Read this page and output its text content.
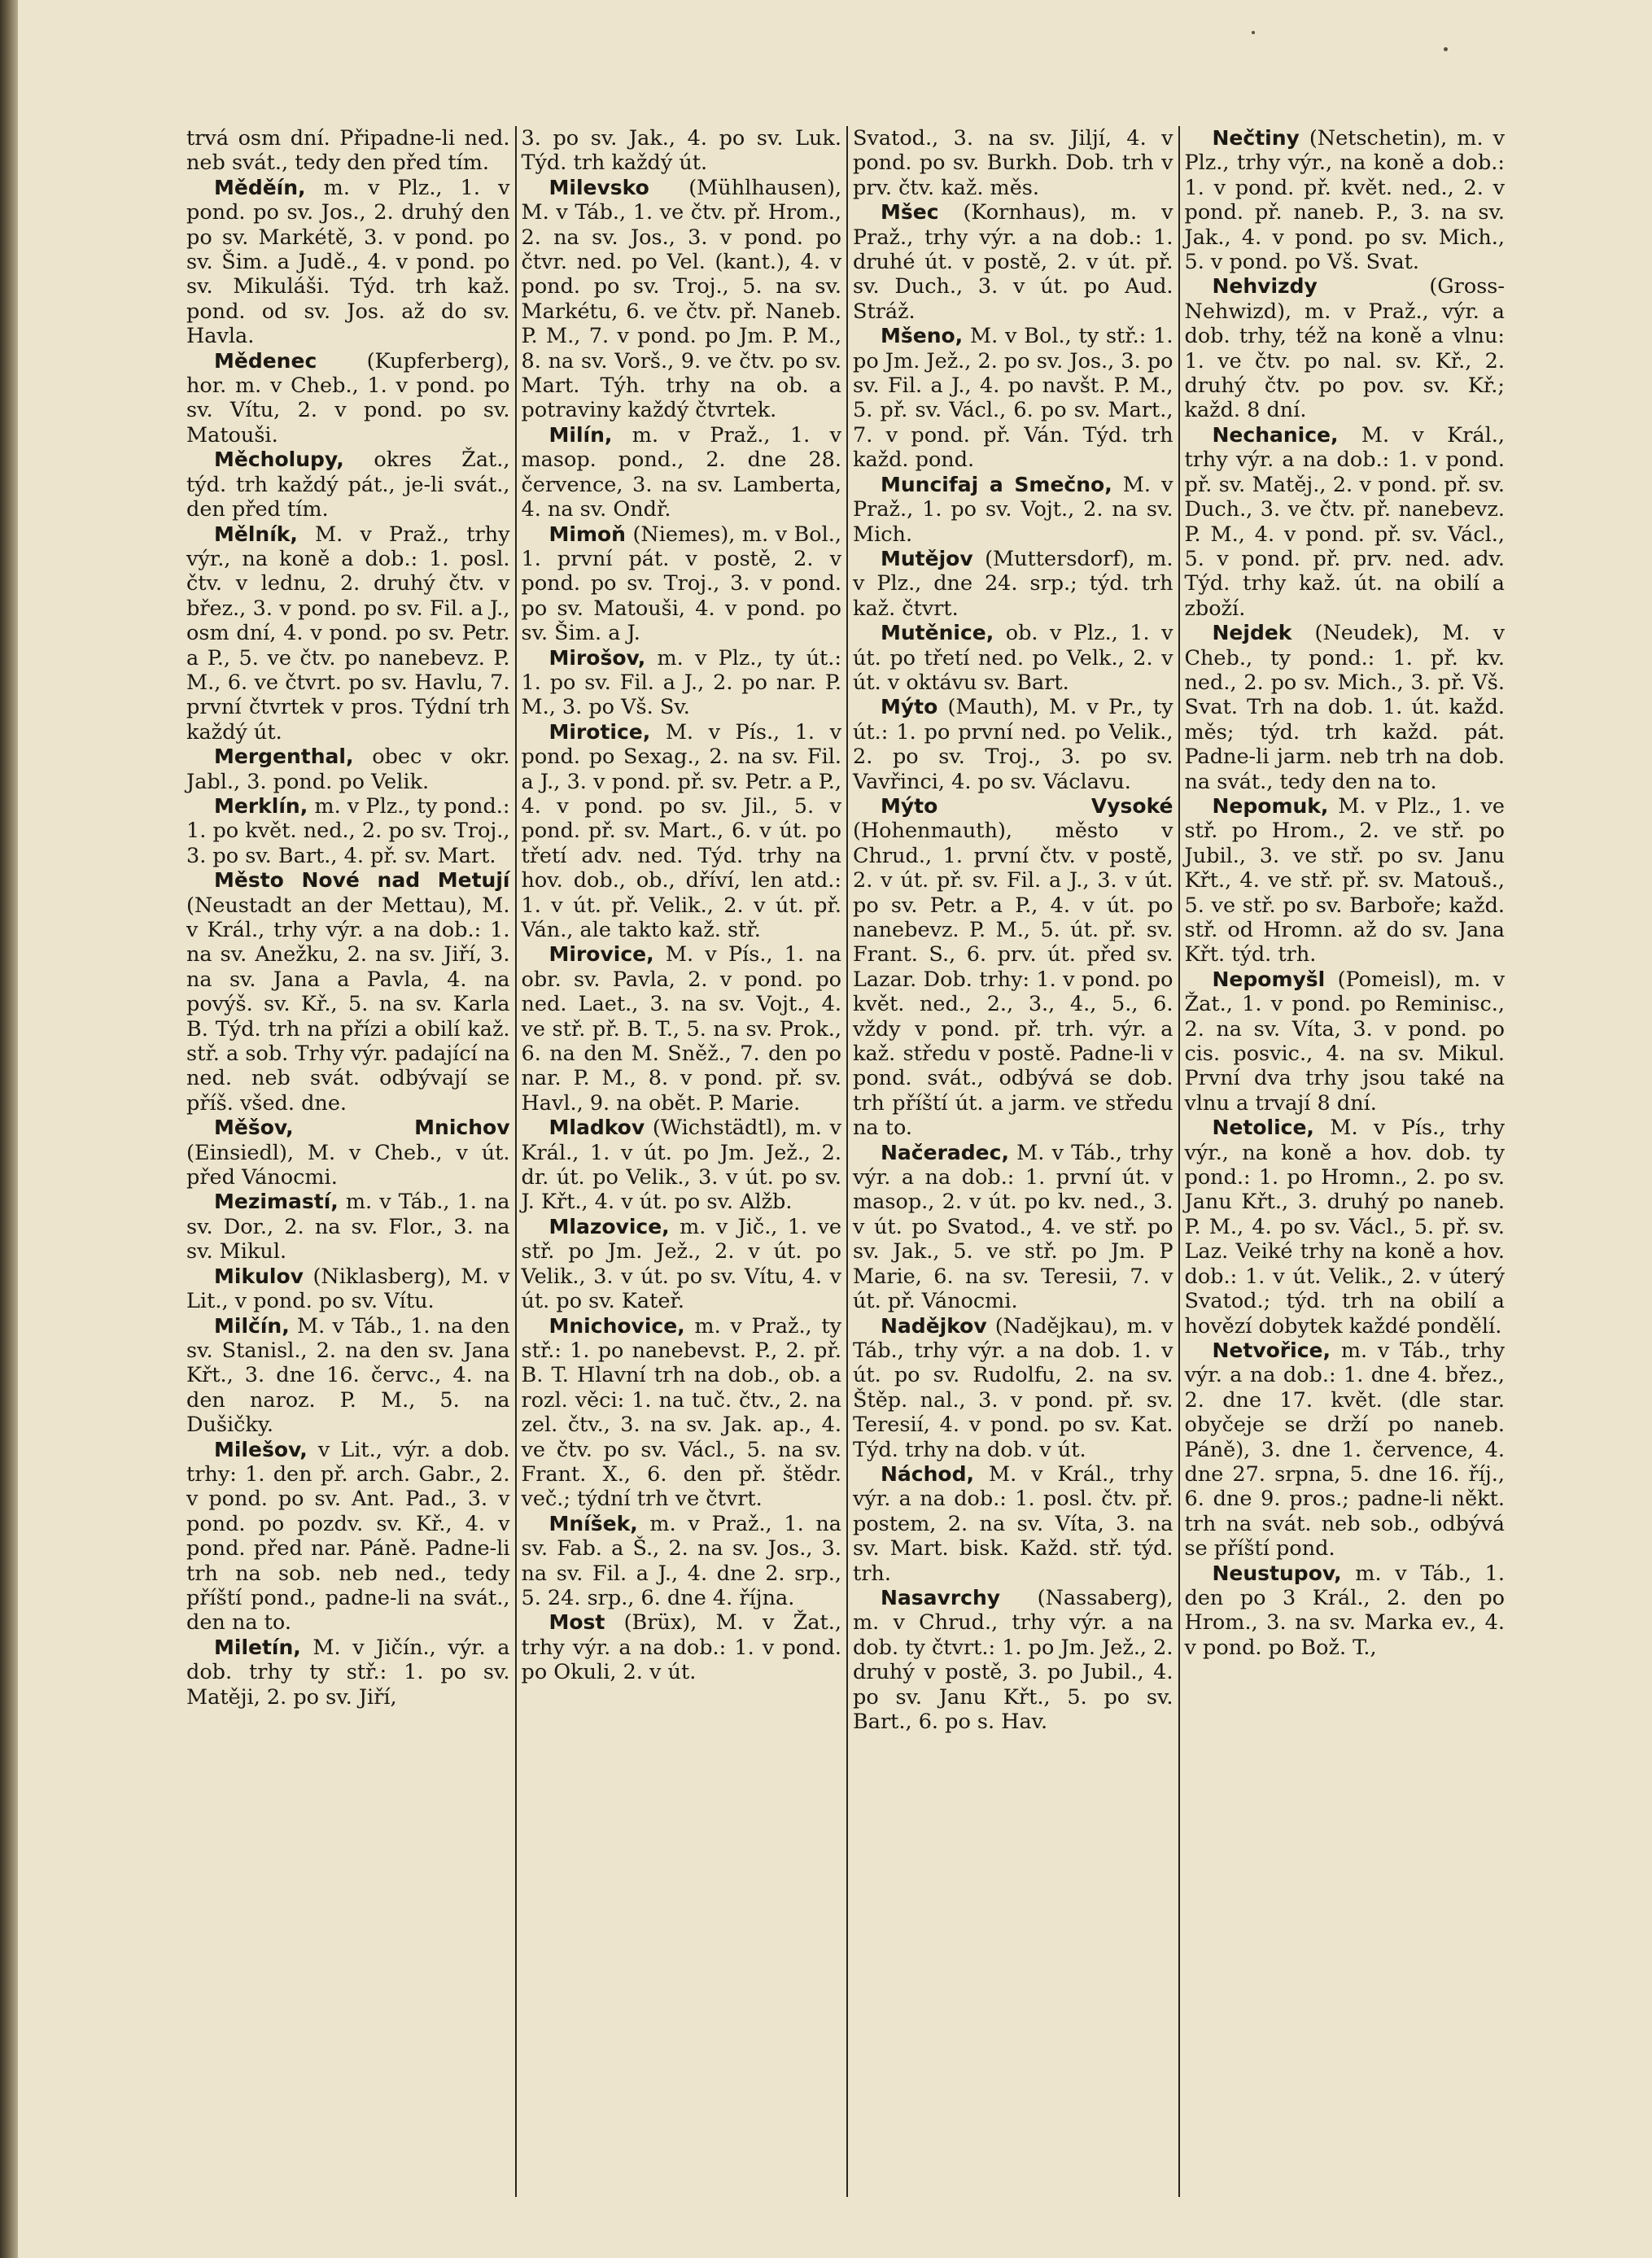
trvá osm dní. Připadne-li ned. neb svát., tedy den před tím.

Měděín, m. v Plz., 1. v pond. po sv. Jos., 2. druhý den po sv. Markétě, 3. v pond. po sv. Šim. a Judě., 4. v pond. po sv. Mikuláši. Týd. trh kaž. pond. od sv. Jos. až do sv. Havla.

Mědenec (Kupferberg), hor. m. v Cheb., 1. v pond. po sv. Vítu, 2. v pond. po sv. Matouši.

Měcholupy, okres Žat., týd. trh každý pát., je-li svát., den před tím.

Mělník, M. v Praž., trhy výr., na koně a dob.: 1. posl. čtv. v lednu, 2. druhý čtv. v břez., 3. v pond. po sv. Fil. a J., osm dní, 4. v pond. po sv. Petr. a P., 5. ve čtv. po nanebevz. P. M., 6. ve čtvrt. po sv. Havlu, 7. první čtvrtek v pros. Týdní trh každý út.

Mergenthal, obec v okr. Jabl., 3. pond. po Velik.

Merklín, m. v Plz., ty pond.: 1. po květ. ned., 2. po sv. Troj., 3. po sv. Bart., 4. př. sv. Mart.

Město Nové nad Metují (Neustadt an der Mettau), M. v Král., trhy výr. a na dob.: 1. na sv. Anežku, 2. na sv. Jiří, 3. na sv. Jana a Pavla, 4. na povýš. sv. Kř., 5. na sv. Karla B. Týd. trh na přízi a obilí kaž. stř. a sob. Trhy výr. padající na ned. neb svát. odbývají se příš. všed. dne.

Měšov, Mnichov (Einsiedl), M. v Cheb., v út. před Vánocmi.

Mezimastí, m. v Táb., 1. na sv. Dor., 2. na sv. Flor., 3. na sv. Mikul.

Mikulov (Niklasberg), M. v Lit., v pond. po sv. Vítu.

Milčín, M. v Táb., 1. na den sv. Stanisl., 2. na den sv. Jana Křt., 3. dne 16. červc., 4. na den naroz. P. M., 5. na Dušičky.

Milešov, v Lit., výr. a dob. trhy: 1. den př. arch. Gabr., 2. v pond. po sv. Ant. Pad., 3. v pond. po pozdv. sv. Kř., 4. v pond. před nar. Páně. Padne-li trh na sob. neb ned., tedy příští pond., padne-li na svát., den na to.

Miletín, M. v Jičín., výr. a dob. trhy ty stř.: 1. po sv. Matěji, 2. po sv. Jiří,

3. po sv. Jak., 4. po sv. Luk. Týd. trh každý út.

Milevsko (Mühlhausen), M. v Táb., 1. ve čtv. př. Hrom., 2. na sv. Jos., 3. v pond. po čtvr. ned. po Vel. (kant.), 4. v pond. po sv. Troj., 5. na sv. Markétu, 6. ve čtv. př. Naneb. P. M., 7. v pond. po Jm. P. M., 8. na sv. Vorš., 9. ve čtv. po sv. Mart. Týh. trhy na ob. a potraviny každý čtvrtek.

Milín, m. v Praž., 1. v masop. pond., 2. dne 28. července, 3. na sv. Lamberta, 4. na sv. Ondř.

Mimoň (Niemes), m. v Bol., 1. první pát. v postě, 2. v pond. po sv. Troj., 3. v pond. po sv. Matouši, 4. v pond. po sv. Šim. a J.

Mirošov, m. v Plz., ty út.: 1. po sv. Fil. a J., 2. po nar. P. M., 3. po Vš. Sv.

Mirotice, M. v Pís., 1. v pond. po Sexag., 2. na sv. Fil. a J., 3. v pond. př. sv. Petr. a P., 4. v pond. po sv. Jil., 5. v pond. př. sv. Mart., 6. v út. po třetí adv. ned. Týd. trhy na hov. dob., ob., dříví, len atd.: 1. v út. př. Velik., 2. v út. př. Ván., ale takto kaž. stř.

Mirovice, M. v Pís., 1. na obr. sv. Pavla, 2. v pond. po ned. Laet., 3. na sv. Vojt., 4. ve stř. př. B. T., 5. na sv. Prok., 6. na den M. Sněž., 7. den po nar. P. M., 8. v pond. př. sv. Havl., 9. na obět. P. Marie.

Mladkov (Wichstädtl), m. v Král., 1. v út. po Jm. Jež., 2. dr. út. po Velik., 3. v út. po sv. J. Křt., 4. v út. po sv. Alžb.

Mlazovice, m. v Jič., 1. ve stř. po Jm. Jež., 2. v út. po Velik., 3. v út. po sv. Vítu, 4. v út. po sv. Kateř.

Mnichovice, m. v Praž., ty stř.: 1. po nanebevst. P., 2. př. B. T. Hlavní trh na dob., ob. a rozl. věci: 1. na tuč. čtv., 2. na zel. čtv., 3. na sv. Jak. ap., 4. ve čtv. po sv. Václ., 5. na sv. Frant. X., 6. den př. štědr. več.; týdní trh ve čtvrt.

Mníšek, m. v Praž., 1. na sv. Fab. a Š., 2. na sv. Jos., 3. na sv. Fil. a J., 4. dne 2. srp., 5. 24. srp., 6. dne 4. října.

Most (Brüx), M. v Žat., trhy výr. a na dob.: 1. v pond. po Okuli, 2. v út.

Svatod., 3. na sv. Jiljí, 4. v pond. po sv. Burkh. Dob. trh v prv. čtv. kaž. měs.

Mšec (Kornhaus), m. v Praž., trhy výr. a na dob.: 1. druhé út. v postě, 2. v út. př. sv. Duch., 3. v út. po Aud. Stráž.

Mšeno, M. v Bol., ty stř.: 1. po Jm. Jež., 2. po sv. Jos., 3. po sv. Fil. a J., 4. po navšt. P. M., 5. př. sv. Václ., 6. po sv. Mart., 7. v pond. př. Ván. Týd. trh každ. pond.

Muncifaj a Smečno, M. v Praž., 1. po sv. Vojt., 2. na sv. Mich.

Mutějov (Muttersdorf), m. v Plz., dne 24. srp.; týd. trh kaž. čtvrt.

Mutěnice, ob. v Plz., 1. v út. po třetí ned. po Velk., 2. v út. v oktávu sv. Bart.

Mýto (Mauth), M. v Pr., ty út.: 1. po první ned. po Velik., 2. po sv. Troj., 3. po sv. Vavřinci, 4. po sv. Václavu.

Mýto Vysoké (Hohenmauth), město v Chrud., 1. první čtv. v postě, 2. v út. př. sv. Fil. a J., 3. v út. po sv. Petr. a P., 4. v út. po nanebevz. P. M., 5. út. př. sv. Frant. S., 6. prv. út. před sv. Lazar. Dob. trhy: 1. v pond. po květ. ned., 2., 3., 4., 5., 6. vždy v pond. př. trh. výr. a kaž. středu v postě. Padne-li v pond. svát., odbývá se dob. trh příští út. a jarm. ve středu na to.

Načeradec, M. v Táb., trhy výr. a na dob.: 1. první út. v masop., 2. v út. po kv. ned., 3. v út. po Svatod., 4. ve stř. po sv. Jak., 5. ve stř. po Jm. P Marie, 6. na sv. Teresii, 7. v út. př. Vánocmi.

Nadějkov (Nadějkau), m. v Táb., trhy výr. a na dob. 1. v út. po sv. Rudolfu, 2. na sv. Štěp. nal., 3. v pond. př. sv. Teresií, 4. v pond. po sv. Kat. Týd. trhy na dob. v út.

Náchod, M. v Král., trhy výr. a na dob.: 1. posl. čtv. př. postem, 2. na sv. Víta, 3. na sv. Mart. bisk. Každ. stř. týd. trh.

Nasavrchy (Nassaberg), m. v Chrud., trhy výr. a na dob. ty čtvrt.: 1. po Jm. Jež., 2. druhý v postě, 3. po Jubil., 4. po sv. Janu Křt., 5. po sv. Bart., 6. po s. Hav.

Nečtiny (Netschetin), m. v Plz., trhy výr., na koně a dob.: 1. v pond. př. květ. ned., 2. v pond. př. naneb. P., 3. na sv. Jak., 4. v pond. po sv. Mich., 5. v pond. po Vš. Svat.

Nehvizdy	(Gross-Nehwizd), m. v Praž., výr. a dob. trhy, též na koně a vlnu: 1. ve čtv. po nal. sv. Kř., 2. druhý čtv. po pov. sv. Kř.; každ. 8 dní.

Nechanice, M. v Král., trhy výr. a na dob.: 1. v pond. př. sv. Matěj., 2. v pond. př. sv. Duch., 3. ve čtv. př. nanebevz. P. M., 4. v pond. př. sv. Václ., 5. v pond. př. prv. ned. adv. Týd. trhy kaž. út. na obilí a zboží.

Nejdek (Neudek), M. v Cheb., ty pond.: 1. př. kv. ned., 2. po sv. Mich., 3. př. Vš. Svat. Trh na dob. 1. út. každ. měs; týd. trh každ. pát. Padne-li jarm. neb trh na dob. na svát., tedy den na to.

Nepomuk, M. v Plz., 1. ve stř. po Hrom., 2. ve stř. po Jubil., 3. ve stř. po sv. Janu Křt., 4. ve stř. př. sv. Matouš., 5. ve stř. po sv. Barboře; každ. stř. od Hromn. až do sv. Jana Křt. týd. trh.

Nepomyšl (Pomeisl), m. v Žat., 1. v pond. po Reminisc., 2. na sv. Víta, 3. v pond. po cis. posvic., 4. na sv. Mikul. První dva trhy jsou také na vlnu a trvají 8 dní.

Netolice, M. v Pís., trhy výr., na koně a hov. dob. ty pond.: 1. po Hromn., 2. po sv. Janu Křt., 3. druhý po naneb. P. M., 4. po sv. Václ., 5. př. sv. Laz. Veiké trhy na koně a hov. dob.: 1. v út. Velik., 2. v úterý Svatod.; týd. trh na obilí a hovězí dobytek každé pondělí.

Netvořice, m. v Táb., trhy výr. a na dob.: 1. dne 4. břez., 2. dne 17. květ. (dle star. obyčeje se drží po naneb. Páně), 3. dne 1. července, 4. dne 27. srpna, 5. dne 16. říj., 6. dne 9. pros.; padne-li někt. trh na svát. neb sob., odbývá se příští pond.

Neustupov, m. v Táb., 1. den po 3 Král., 2. den po Hrom., 3. na sv. Marka ev., 4. v pond. po Bož. T.,
